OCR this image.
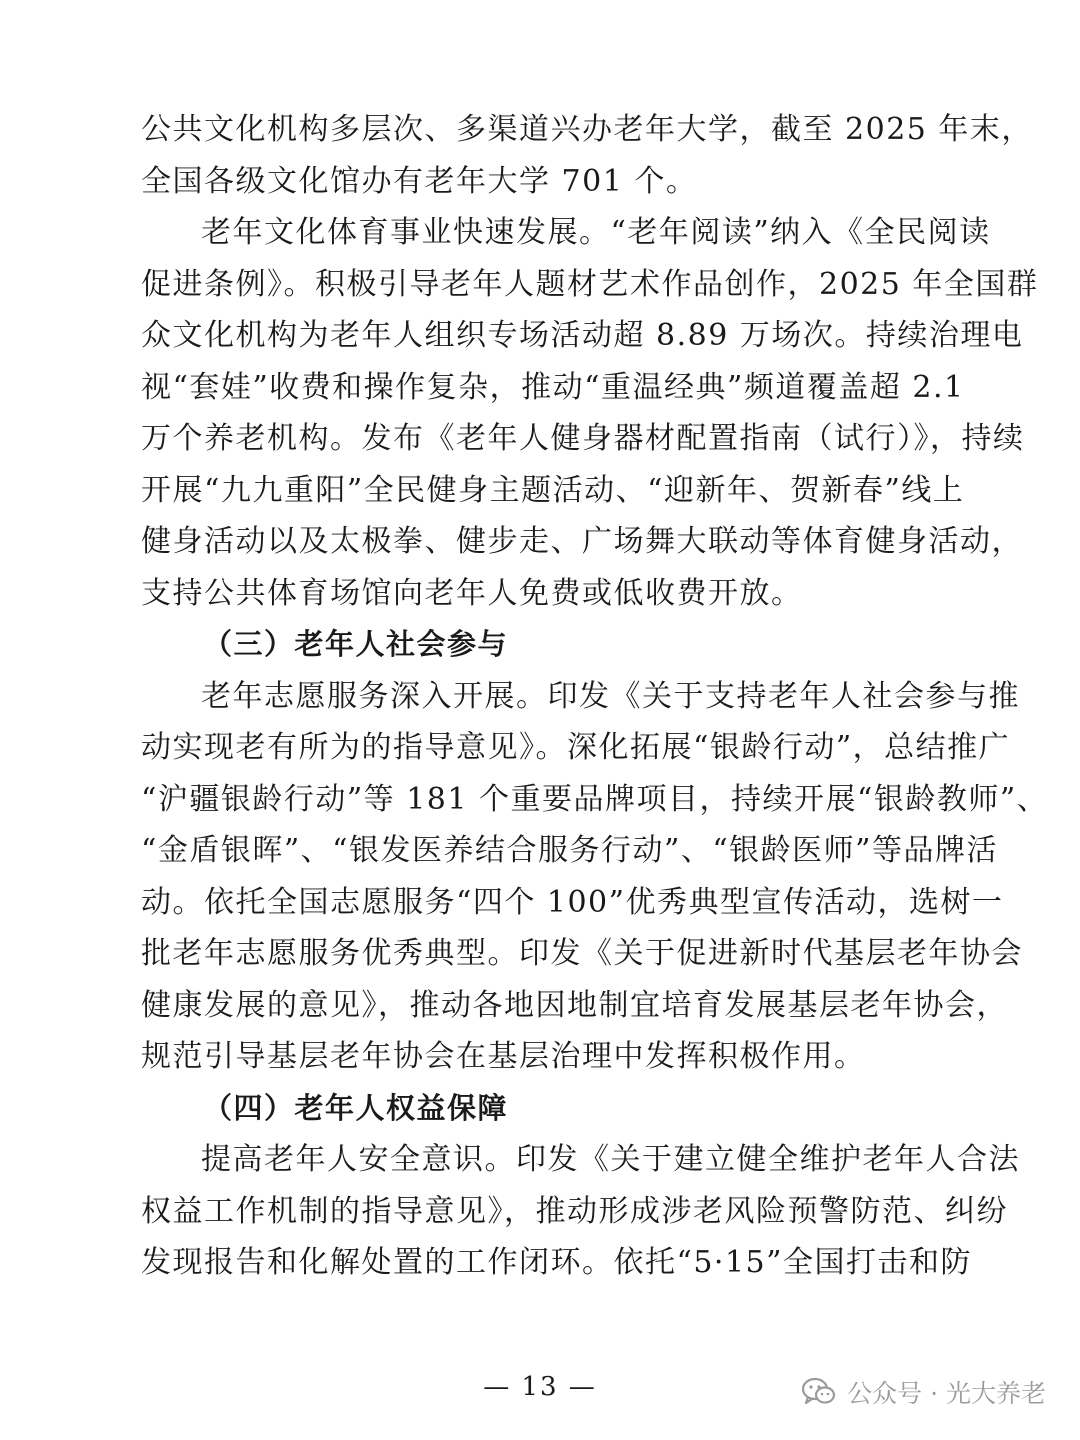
公共文化机构多层次、多渠道兴办老年大学，截至 2025 年末，
全国各级文化馆办有老年大学 701 个。
老年文化体育事业快速发展。“老年阅读”纳入《全民阅读
促进条例》。积极引导老年人题材艺术作品创作，2025 年全国群
众文化机构为老年人组织专场活动超 8.89 万场次。持续治理电
视“套娃”收费和操作复杂，推动“重温经典”频道覆盖超 2.1
万个养老机构。发布《老年人健身器材配置指南（试行）》，持续
开展“九九重阳”全民健身主题活动、“迎新年、贺新春”线上
健身活动以及太极拳、健步走、广场舞大联动等体育健身活动，
支持公共体育场馆向老年人免费或低收费开放。
（三）老年人社会参与
老年志愿服务深入开展。印发《关于支持老年人社会参与推
动实现老有所为的指导意见》。深化拓展“银龄行动”，总结推广
“沪疆银龄行动”等 181 个重要品牌项目，持续开展“银龄教师”、
“金盾银晖”、“银发医养结合服务行动”、“银龄医师”等品牌活
动。依托全国志愿服务“四个 100”优秀典型宣传活动，选树一
批老年志愿服务优秀典型。印发《关于促进新时代基层老年协会
健康发展的意见》，推动各地因地制宜培育发展基层老年协会，
规范引导基层老年协会在基层治理中发挥积极作用。
（四）老年人权益保障
提高老年人安全意识。印发《关于建立健全维护老年人合法
权益工作机制的指导意见》，推动形成涉老风险预警防范、纠纷
发现报告和化解处置的工作闭环。依托“5·15”全国打击和防
— 13 —	公众号 · 光大养老
